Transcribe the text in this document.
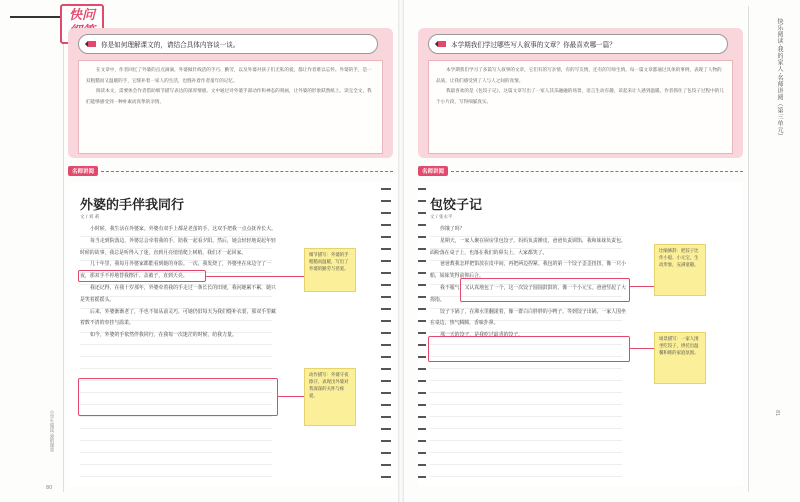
快问
你是如何理解课文的，请结合具体内容谈一谈。

在文章中，作者回忆了外婆的点点滴滴，外婆做针线活的手巧、勤劳，以及外婆对孩子们无私的爱，都让作者难以忘怀。外婆的手，是一双粗糙而又温暖的手，它缝补着一家人的生活，也缝补着作者童年的记忆。

阅读本文，需要体会作者借助细节描写表达的深厚情感。文中通过对外婆手部动作和神态的刻画，让外婆的形象跃然纸上。读完全文，我们能够感受到一种朴素而真挚的亲情。

名师讲阅
外婆的手伴我同行
文 / 刘 莉

小时候，我生活在外婆家。外婆有双手上都是老茧的手，这双手把我一点点抚养长大。

每当走到院落边，外婆总会牵着我的手，陪我一起看夕阳。然后，她会轻轻地说起年轻时候的故事，我总是听得入了迷，直到月亮悄悄爬上树梢，我们才一起回家。

几十年里，我每月外婆家都能看到她的身影。一次，我发烧了，外婆坐在床边守了一夜，那双手不停地替我擦汗、盖被子，直到天亮。

我还记得，在我十岁那年，外婆牵着我的手走过一条长长的田埂，我问她累不累，她只是笑着摇摇头。

后来，外婆渐渐老了，手也不如从前灵巧，可她仍旧每天为我们缝补衣裳，那双手里藏着数不清的牵挂与温柔。

如今，外婆的手依然伴我同行，在我每一次迷茫的时候，给我力量。

细节描写：外婆的手粗糙而温暖，写出了外婆的勤劳与慈爱。
动作描写：外婆守夜擦汗，表现出外婆对我深深的关怀与疼爱。
小学生阅读·爱的课堂
80
本学期我们学过哪些写人叙事的文章？你最喜欢哪一篇？

本学期我们学习了多篇写人叙事的文章，它们有的写亲情，有的写友情，还有的写师生情。每一篇文章都通过具体的事例，表现了人物的品质，让我们感受到了人与人之间的真情。

我最喜欢的是《包饺子记》，这篇文章写出了一家人其乐融融的场景，语言生动有趣，读起来让人感到温暖。作者抓住了包饺子过程中的几个小片段，写得细腻真实。

名师讲阅
包饺子记
文 / 张永平

你饿了吗？

星期天，一家人聚在厨房里包饺子。妈妈负责擀皮，爸爸负责调馅，我和妹妹负责包。面粉落在桌子上，也落在我们的鼻尖上，大家都笑了。

爸爸教我怎样把馅放在皮中间，再把两边捏紧。我包的第一个饺子歪歪扭扭，像一只小船，妹妹笑得前仰后合。

我不服气，又认真地包了一个，这一次饺子圆圆鼓鼓的，像一个小元宝。爸爸竖起了大拇指。

饺子下锅了，在沸水里翻滚着，像一群白白胖胖的小鸭子。等到饺子出锅，一家人围坐在桌边，热气腾腾，香味扑鼻。

那一天的饺子，是我吃过最香的饺子。

比喻修辞：把饺子比作小船、小元宝，生动形象，充满童趣。
场景描写：一家人围坐吃饺子，烘托出温馨和睦的家庭氛围。
快乐阅读·我的家人·名师讲阅（第三单元）
81
